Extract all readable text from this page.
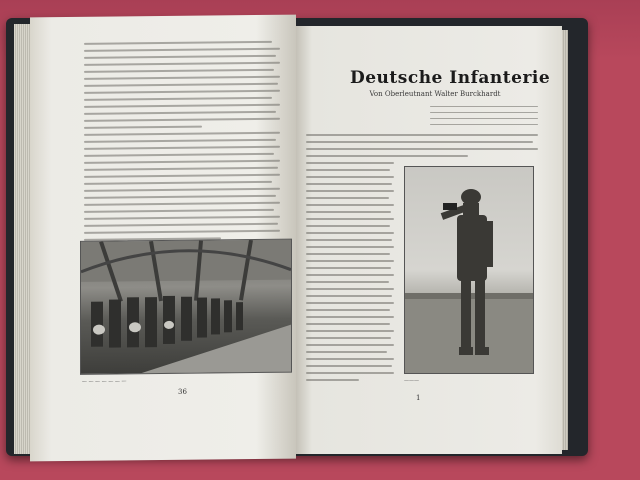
— — — — — — —
36
Deutsche Infanterie
Von Oberleutnant Walter Burckhardt
———
1
